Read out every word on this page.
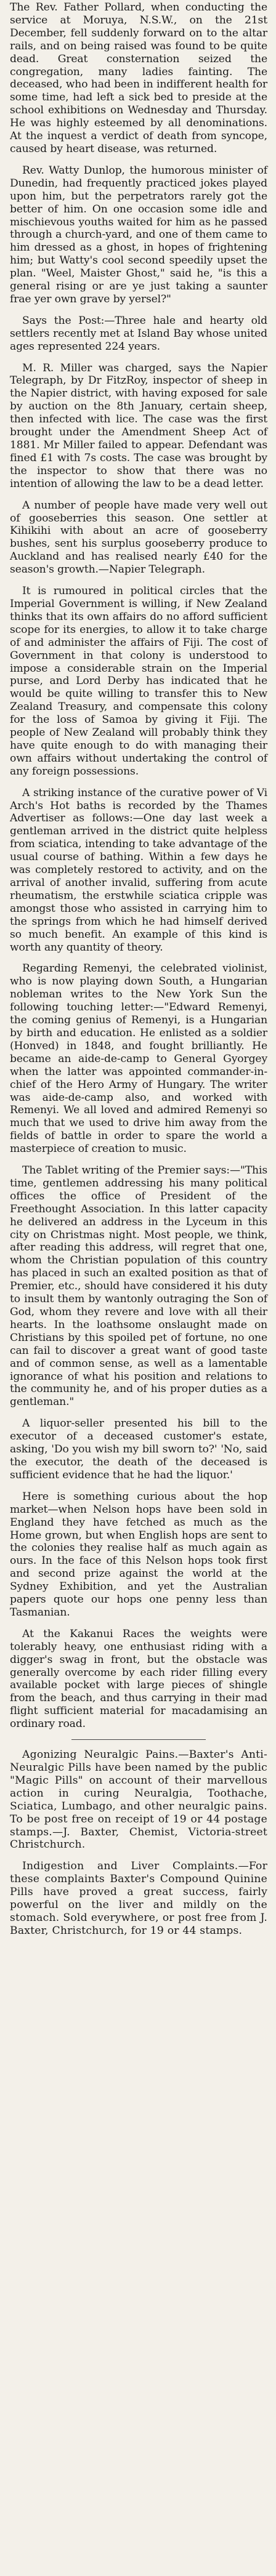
The Rev. Father Pollard, when conducting the service at Moruya, N.S.W., on the 21st December, fell suddenly forward on to the altar rails, and on being raised was found to be quite dead. Great consternation seized the congregation, many ladies fainting. The deceased, who had been in indifferent health for some time, had left a sick bed to preside at the school exhibitions on Wednesday and Thursday. He was highly esteemed by all denominations. At the inquest a verdict of death from syncope, caused by heart disease, was returned.

Rev. Watty Dunlop, the humorous minister of Dunedin, had frequently practiced jokes played upon him, but the perpetrators rarely got the better of him. On one occasion some idle and mischievous youths waited for him as he passed through a church-yard, and one of them came to him dressed as a ghost, in hopes of frightening him; but Watty's cool second speedily upset the plan. "Weel, Maister Ghost," said he, "is this a general rising or are ye just taking a saunter frae yer own grave by yersel?"

Says the Post:—Three hale and hearty old settlers recently met at Island Bay whose united ages represented 224 years.

M. R. Miller was charged, says the Napier Telegraph, by Dr FitzRoy, inspector of sheep in the Napier district, with having exposed for sale by auction on the 8th January, certain sheep, then infected with lice. The case was the first brought under the Amendment Sheep Act of 1881. Mr Miller failed to appear. Defendant was fined £1 with 7s costs. The case was brought by the inspector to show that there was no intention of allowing the law to be a dead letter.

A number of people have made very well out of gooseberries this season. One settler at Kihikihi with about an acre of gooseberry bushes, sent his surplus gooseberry produce to Auckland and has realised nearly £40 for the season's growth.—Napier Telegraph.

It is rumoured in political circles that the Imperial Government is willing, if New Zealand thinks that its own affairs do no afford sufficient scope for its energies, to allow it to take charge of and administer the affairs of Fiji. The cost of Government in that colony is understood to impose a considerable strain on the Imperial purse, and Lord Derby has indicated that he would be quite willing to transfer this to New Zealand Treasury, and compensate this colony for the loss of Samoa by giving it Fiji. The people of New Zealand will probably think they have quite enough to do with managing their own affairs without undertaking the control of any foreign possessions.

A striking instance of the curative power of Vi Arch's Hot baths is recorded by the Thames Advertiser as follows:—One day last week a gentleman arrived in the district quite helpless from sciatica, intending to take advantage of the usual course of bathing. Within a few days he was completely restored to activity, and on the arrival of another invalid, suffering from acute rheumatism, the erstwhile sciatica cripple was amongst those who assisted in carrying him to the springs from which he had himself derived so much benefit. An example of this kind is worth any quantity of theory.

Regarding Remenyi, the celebrated violinist, who is now playing down South, a Hungarian nobleman writes to the New York Sun the following touching letter:—"Edward Remenyi, the coming genius of Remenyi, is a Hungarian by birth and education. He enlisted as a soldier (Honved) in 1848, and fought brilliantly. He became an aide-de-camp to General Gyorgey when the latter was appointed commander-in-chief of the Hero Army of Hungary. The writer was aide-de-camp also, and worked with Remenyi. We all loved and admired Remenyi so much that we used to drive him away from the fields of battle in order to spare the world a masterpiece of creation to music.

The Tablet writing of the Premier says:—"This time, gentlemen addressing his many political offices the office of President of the Freethought Association. In this latter capacity he delivered an address in the Lyceum in this city on Christmas night. Most people, we think, after reading this address, will regret that one, whom the Christian population of this country has placed in such an exalted position as that of Premier, etc., should have considered it his duty to insult them by wantonly outraging the Son of God, whom they revere and love with all their hearts. In the loathsome onslaught made on Christians by this spoiled pet of fortune, no one can fail to discover a great want of good taste and of common sense, as well as a lamentable ignorance of what his position and relations to the community he, and of his proper duties as a gentleman."

A liquor-seller presented his bill to the executor of a deceased customer's estate, asking, 'Do you wish my bill sworn to?' 'No, said the executor, the death of the deceased is sufficient evidence that he had the liquor.'

Here is something curious about the hop market—when Nelson hops have been sold in England they have fetched as much as the Home grown, but when English hops are sent to the colonies they realise half as much again as ours. In the face of this Nelson hops took first and second prize against the world at the Sydney Exhibition, and yet the Australian papers quote our hops one penny less than Tasmanian.

At the Kakanui Races the weights were tolerably heavy, one enthusiast riding with a digger's swag in front, but the obstacle was generally overcome by each rider filling every available pocket with large pieces of shingle from the beach, and thus carrying in their mad flight sufficient material for macadamising an ordinary road.

Agonizing Neuralgic Pains.—Baxter's Anti-Neuralgic Pills have been named by the public "Magic Pills" on account of their marvellous action in curing Neuralgia, Toothache, Sciatica, Lumbago, and other neuralgic pains. To be post free on receipt of 19 or 44 postage stamps.—J. Baxter, Chemist, Victoria-street Christchurch.

Indigestion and Liver Complaints.—For these complaints Baxter's Compound Quinine Pills have proved a great success, fairly powerful on the liver and mildly on the stomach. Sold everywhere, or post free from J. Baxter, Christchurch, for 19 or 44 stamps.
